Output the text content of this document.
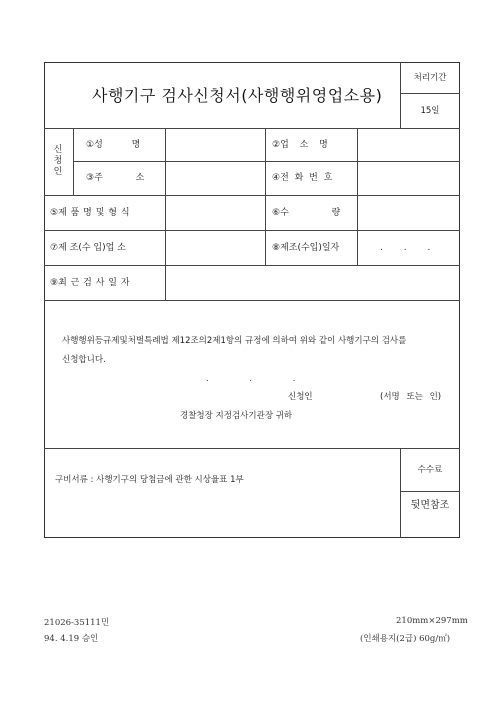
사행기구 검사신청서(사행행위영업소용)
처리기간
15일
신
청
인
①성 명	②업 소 명
③주 소	④전 화 번 호
⑤제 품 명 및 형 식	⑥수 량
⑦제 조(수 입)업 소	⑧제조(수입)일자	. . .
⑨최 근 검 사 일 자
사행행위등규제및처벌특례법 제12조의2제1항의 규정에 의하여 위와 같이 사행기구의 검사를
신청합니다.
. . .
신청인	(서명 또는 인)
경찰청장 지정검사기관장 귀하
구비서류 : 사행기구의 당첨금에 관한 시상율표 1부
수수료
뒷면참조
21026-35111민
94. 4.19 승인
210mm×297mm
(인쇄용지(2급) 60g/㎡)
